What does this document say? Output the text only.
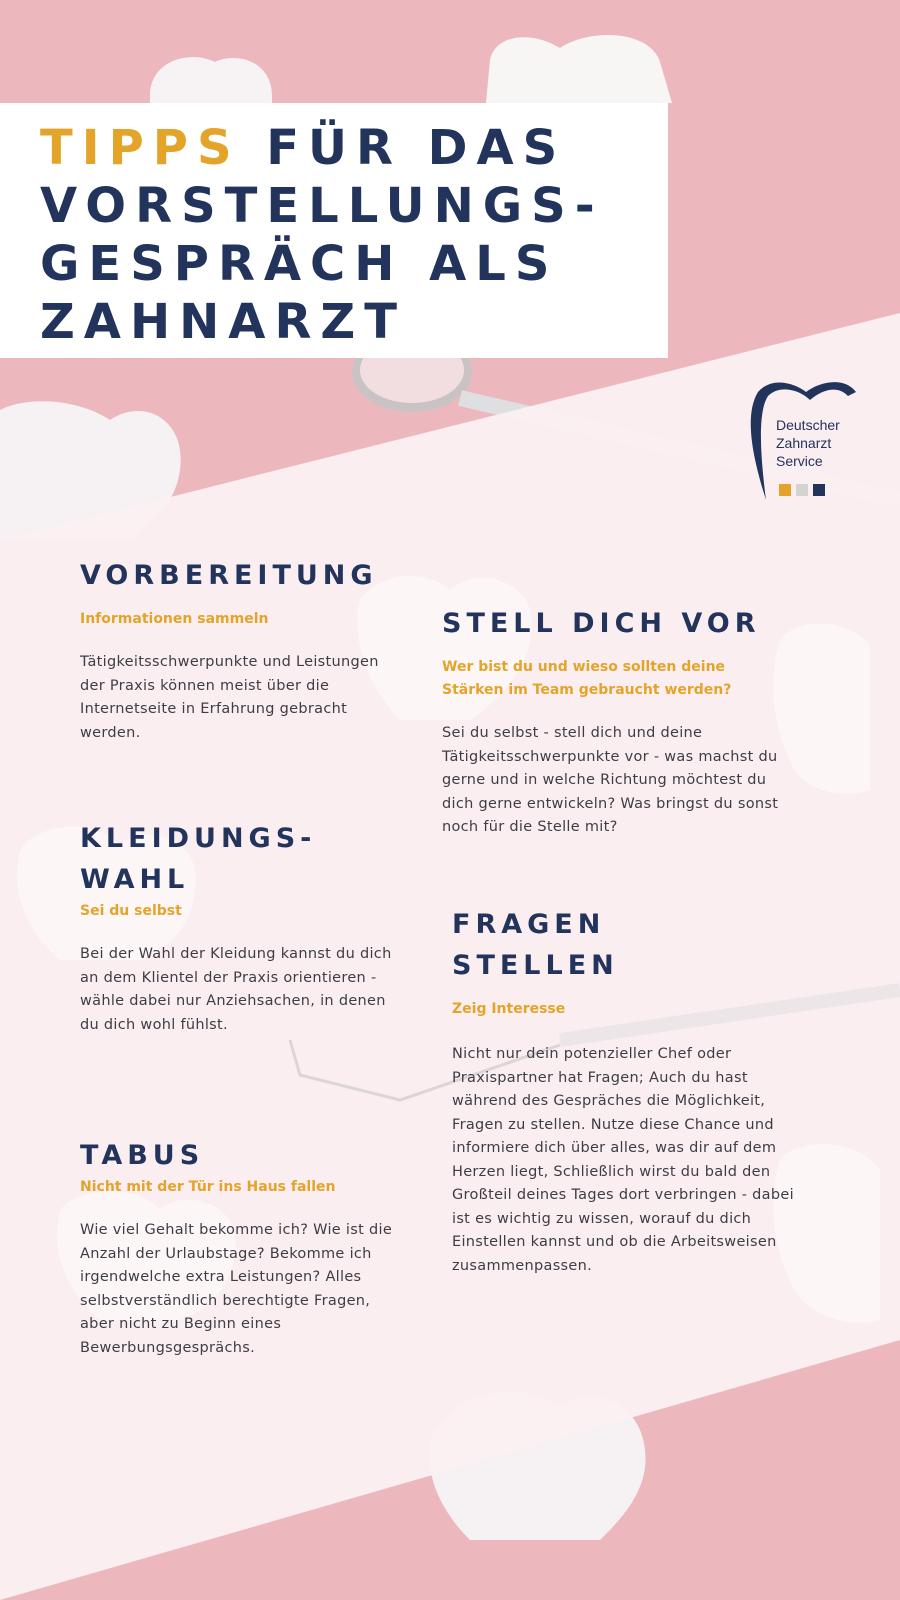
TIPPS FÜR DAS
VORSTELLUNGS-
GESPRÄCH ALS
ZAHNARZT
Deutscher
Zahnarzt
Service
VORBEREITUNG

Informationen sammeln

Tätigkeitsschwerpunkte und Leistungen der Praxis können meist über die Internetseite in Erfahrung gebracht werden.

STELL DICH VOR

Wer bist du und wieso sollten deine Stärken im Team gebraucht werden?

Sei du selbst - stell dich und deine Tätigkeitsschwerpunkte vor - was machst du gerne und in welche Richtung möchtest du dich gerne entwickeln? Was bringst du sonst noch für die Stelle mit?

KLEIDUNGS-
WAHL

Sei du selbst

Bei der Wahl der Kleidung kannst du dich an dem Klientel der Praxis orientieren - wähle dabei nur Anziehsachen, in denen du dich wohl fühlst.

FRAGEN
STELLEN

Zeig Interesse

Nicht nur dein potenzieller Chef oder Praxispartner hat Fragen; Auch du hast während des Gespräches die Möglichkeit, Fragen zu stellen. Nutze diese Chance und informiere dich über alles, was dir auf dem Herzen liegt, Schließlich wirst du bald den Großteil deines Tages dort verbringen - dabei ist es wichtig zu wissen, worauf du dich Einstellen kannst und ob die Arbeitsweisen zusammenpassen.

TABUS

Nicht mit der Tür ins Haus fallen

Wie viel Gehalt bekomme ich? Wie ist die Anzahl der Urlaubstage? Bekomme ich irgendwelche extra Leistungen? Alles selbstverständlich berechtigte Fragen, aber nicht zu Beginn eines Bewerbungsgesprächs.
